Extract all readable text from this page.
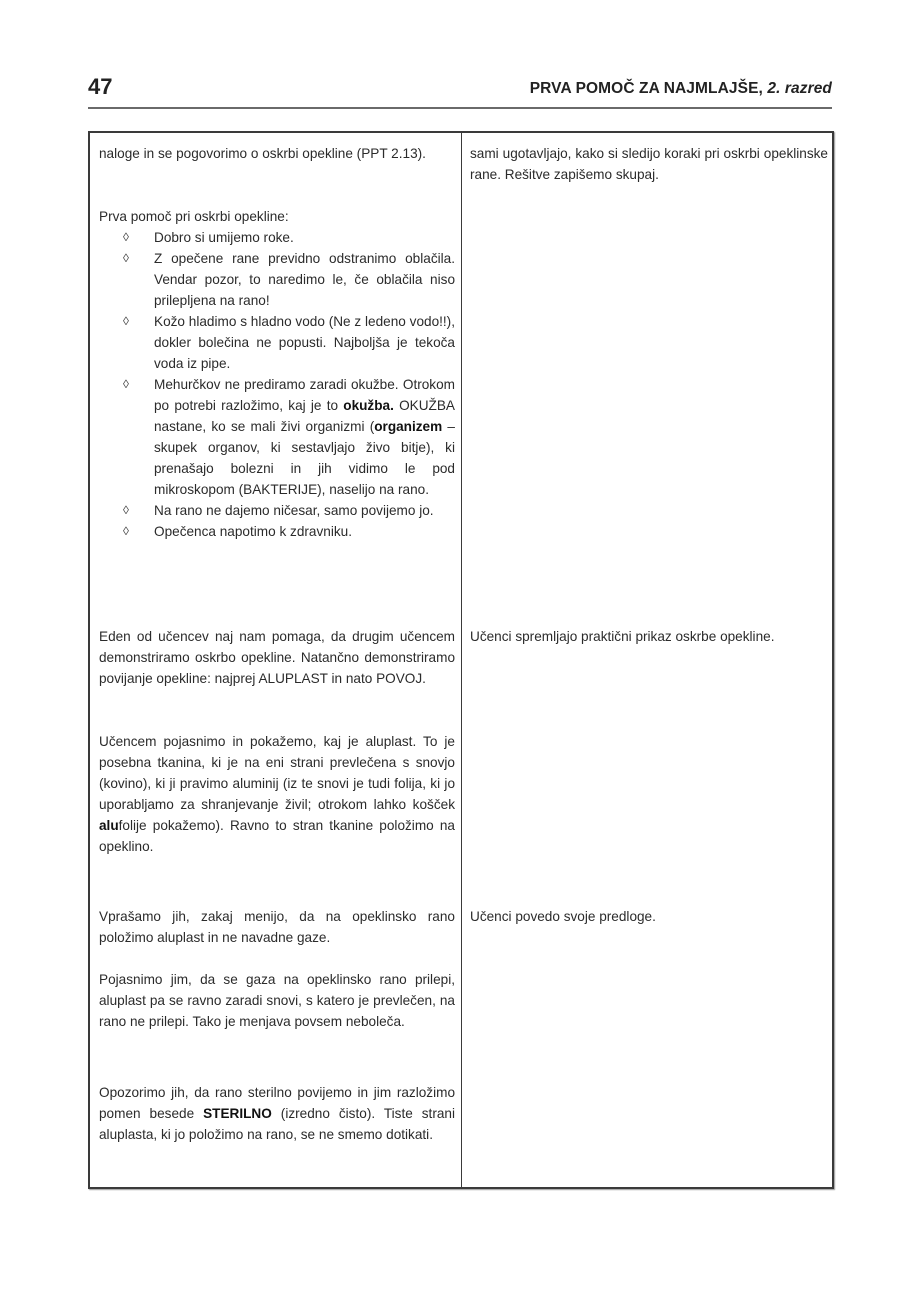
47	PRVA POMOČ ZA NAJMLAJŠE, 2. razred
naloge in se pogovorimo o oskrbi opekline (PPT 2.13).

Prva pomoč pri oskrbi opekline:

◊ Dobro si umijemo roke.
◊ Z opečene rane previdno odstranimo oblačila. Vendar pozor, to naredimo le, če oblačila niso prilepljena na rano!
◊ Kožo hladimo s hladno vodo (Ne z ledeno vodo!!), dokler bolečina ne popusti. Najboljša je tekoča voda iz pipe.
◊ Mehurčkov ne prediramo zaradi okužbe. Otrokom po potrebi razložimo, kaj je to okužba. OKUŽBA nastane, ko se mali živi organizmi (organizem – skupek organov, ki sestavljajo živo bitje), ki prenašajo bolezni in jih vidimo le pod mikroskopom (BAKTERIJE), naselijo na rano.
◊ Na rano ne dajemo ničesar, samo povijemo jo.
◊ Opečenca napotimo k zdravniku.
Eden od učencev naj nam pomaga, da drugim učencem demonstriramo oskrbo opekline. Natančno demonstriramo povijanje opekline: najprej ALUPLAST in nato POVOJ.
Učencem pojasnimo in pokažemo, kaj je aluplast. To je posebna tkanina, ki je na eni strani prevlečena s snovjo (kovino), ki ji pravimo aluminij (iz te snovi je tudi folija, ki jo uporabljamo za shranjevanje živil; otrokom lahko košček alufolije pokažemo). Ravno to stran tkanine položimo na opeklino.
Vprašamo jih, zakaj menijo, da na opeklinsko rano položimo aluplast in ne navadne gaze.
Pojasnimo jim, da se gaza na opeklinsko rano prilepi, aluplast pa se ravno zaradi snovi, s katero je prevlečen, na rano ne prilepi. Tako je menjava povsem neboleča.
Opozorimo jih, da rano sterilno povijemo in jim razložimo pomen besede STERILNO (izredno čisto). Tiste strani aluplasta, ki jo položimo na rano, se ne smemo dotikati.
sami ugotavljajo, kako si sledijo koraki pri oskrbi opeklinske rane. Rešitve zapišemo skupaj.
Učenci spremljajo praktični prikaz oskrbe opekline.
Učenci povedo svoje predloge.
